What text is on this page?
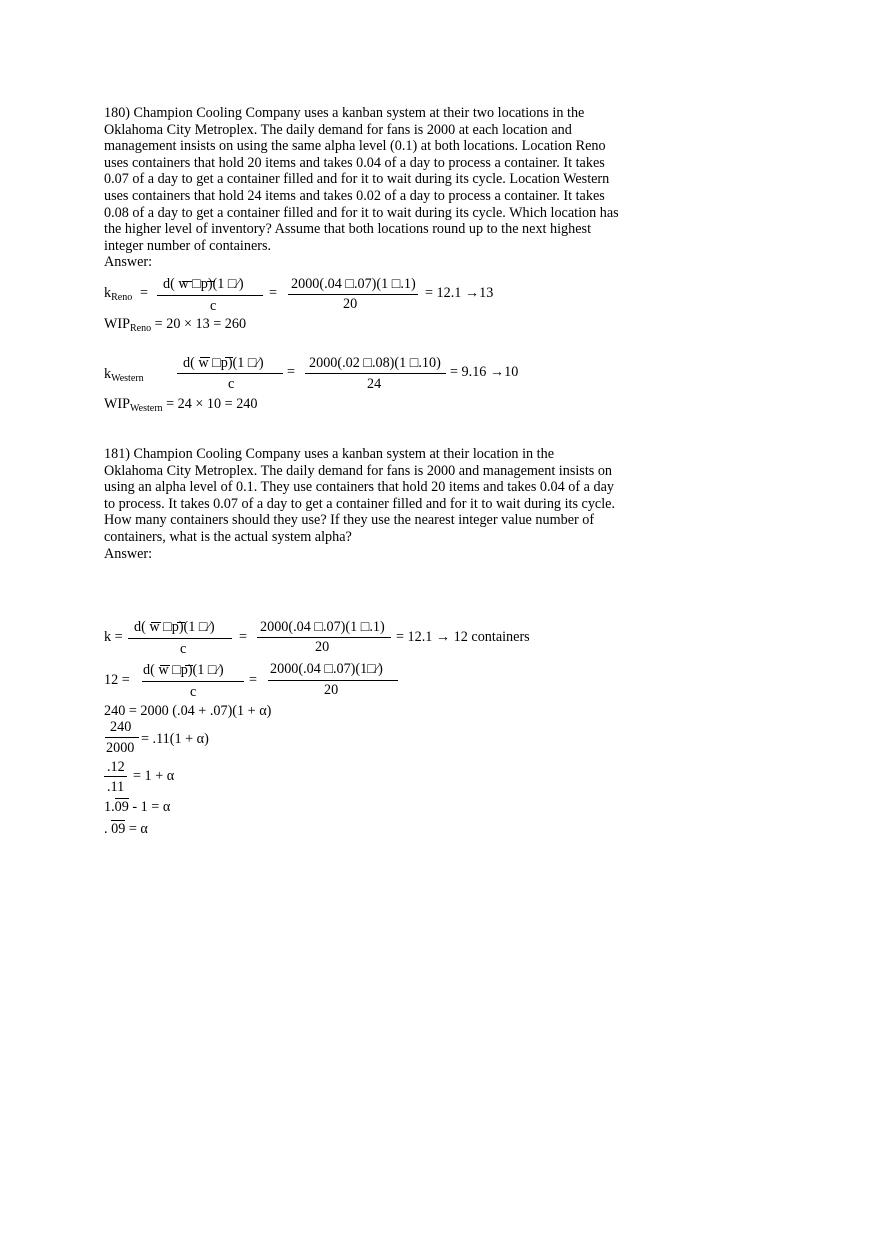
180) Champion Cooling Company uses a kanban system at their two locations in the
Oklahoma City Metroplex. The daily demand for fans is 2000 at each location and
management insists on using the same alpha level (0.1) at both locations. Location Reno
uses containers that hold 20 items and takes 0.04 of a day to process a container. It takes
0.07 of a day to get a container filled and for it to wait during its cycle. Location Western
uses containers that hold 24 items and takes 0.02 of a day to process a container. It takes
0.08 of a day to get a container filled and for it to wait during its cycle. Which location has
the higher level of inventory? Assume that both locations round up to the next highest
integer number of containers.
Answer:
$k_{Reno}$ =
d( w □p)(1 □∕)
c
=
2000(.04 □.07)(1 □.1)
20
= 12.1 →13
$WIP_{Reno} = 20 \times 13 = 260$
$k_{Western}$
d( w □p)(1 □∕)
c
=
2000(.02 □.08)(1 □.10)
24
= 9.16 →10
$WIP_{Western} = 24 \times 10 = 240$
181) Champion Cooling Company uses a kanban system at their location in the
Oklahoma City Metroplex. The daily demand for fans is 2000 and management insists on
using an alpha level of 0.1. They use containers that hold 20 items and takes 0.04 of a day
to process. It takes 0.07 of a day to get a container filled and for it to wait during its cycle.
How many containers should they use? If they use the nearest integer value number of
containers, what is the actual system alpha?
Answer:
k =
d( w □p)(1 □∕)
c
=
2000(.04 □.07)(1 □.1)
20
= 12.1 → 12 containers
12 =
d( w □p)(1 □∕)
c
=
2000(.04 □.07)(1□∕)
20
240 = 2000 (.04 + .07)(1 + α)
240
2000
= .11(1 + α)
.12
.11
= 1 + α
1.09 - 1 = α
. 09 = α
